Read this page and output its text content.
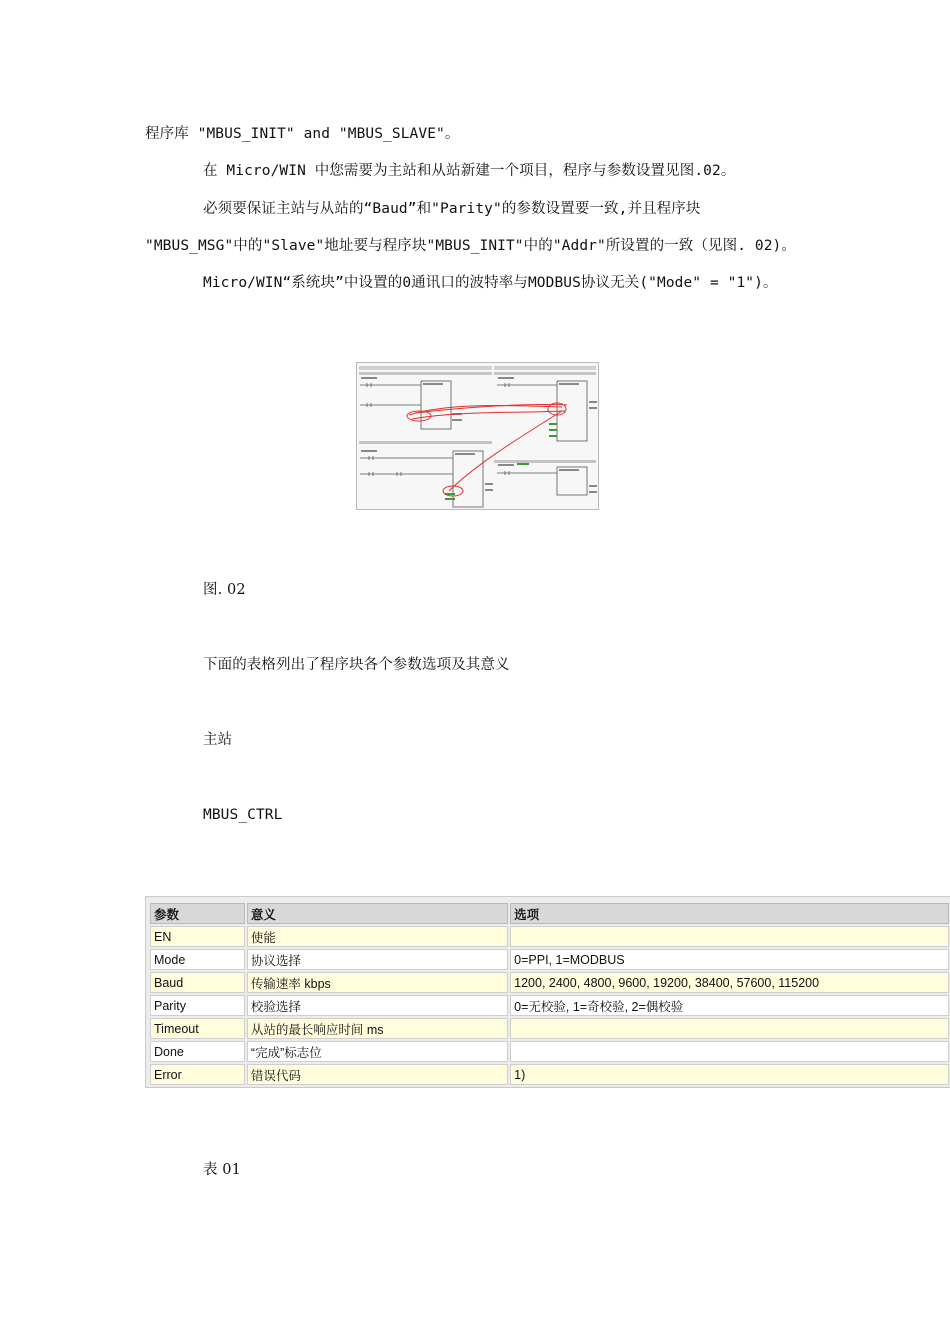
程序库 "MBUS_INIT" and "MBUS_SLAVE"。

在 Micro/WIN 中您需要为主站和从站新建一个项目，程序与参数设置见图.02。

必须要保证主站与从站的“Baud”和"Parity"的参数设置要一致,并且程序块

"MBUS_MSG"中的"Slave"地址要与程序块"MBUS_INIT"中的"Addr"所设置的一致（见图. 02)。

Micro/WIN“系统块”中设置的0通讯口的波特率与MODBUS协议无关("Mode" = "1")。

图. 02

下面的表格列出了程序块各个参数选项及其意义

主站

MBUS_CTRL

参数	意义	选项
EN	使能	
Mode	协议选择	0=PPI, 1=MODBUS
Baud	传输速率 kbps	1200, 2400, 4800, 9600, 19200, 38400, 57600, 115200
Parity	校验选择	0=无校验, 1=奇校验, 2=偶校验
Timeout	从站的最长响应时间 ms	
Done	“完成”标志位	
Error	错误代码	1)

表 01
